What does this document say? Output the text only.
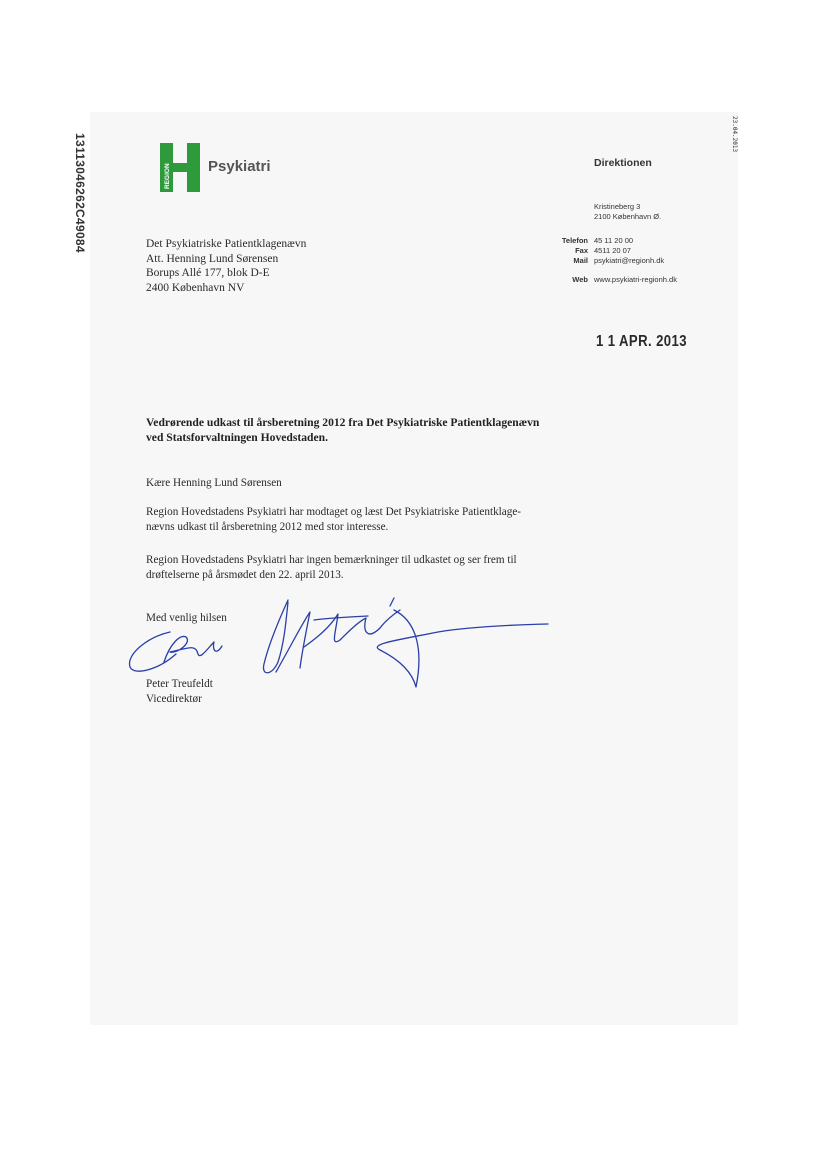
13113046262C49084	23.04.2013
REGION Psykiatri	Direktionen
Kristineberg 3
2100 København Ø.
Telefon 45 11 20 00
Fax 4511 20 07
Mail psykiatri@regionh.dk
Web www.psykiatri-regionh.dk
Det Psykiatriske Patientklagenævn
Att. Henning Lund Sørensen
Borups Allé 177, blok D-E
2400 København NV
1 1 APR. 2013
Vedrørende udkast til årsberetning 2012 fra Det Psykiatriske Patientklagenævn
ved Statsforvaltningen Hovedstaden.
Kære Henning Lund Sørensen
Region Hovedstadens Psykiatri har modtaget og læst Det Psykiatriske Patientklage-
nævns udkast til årsberetning 2012 med stor interesse.
Region Hovedstadens Psykiatri har ingen bemærkninger til udkastet og ser frem til
drøftelserne på årsmødet den 22. april 2013.
Med venlig hilsen
Peter Treufeldt
Vicedirektør
